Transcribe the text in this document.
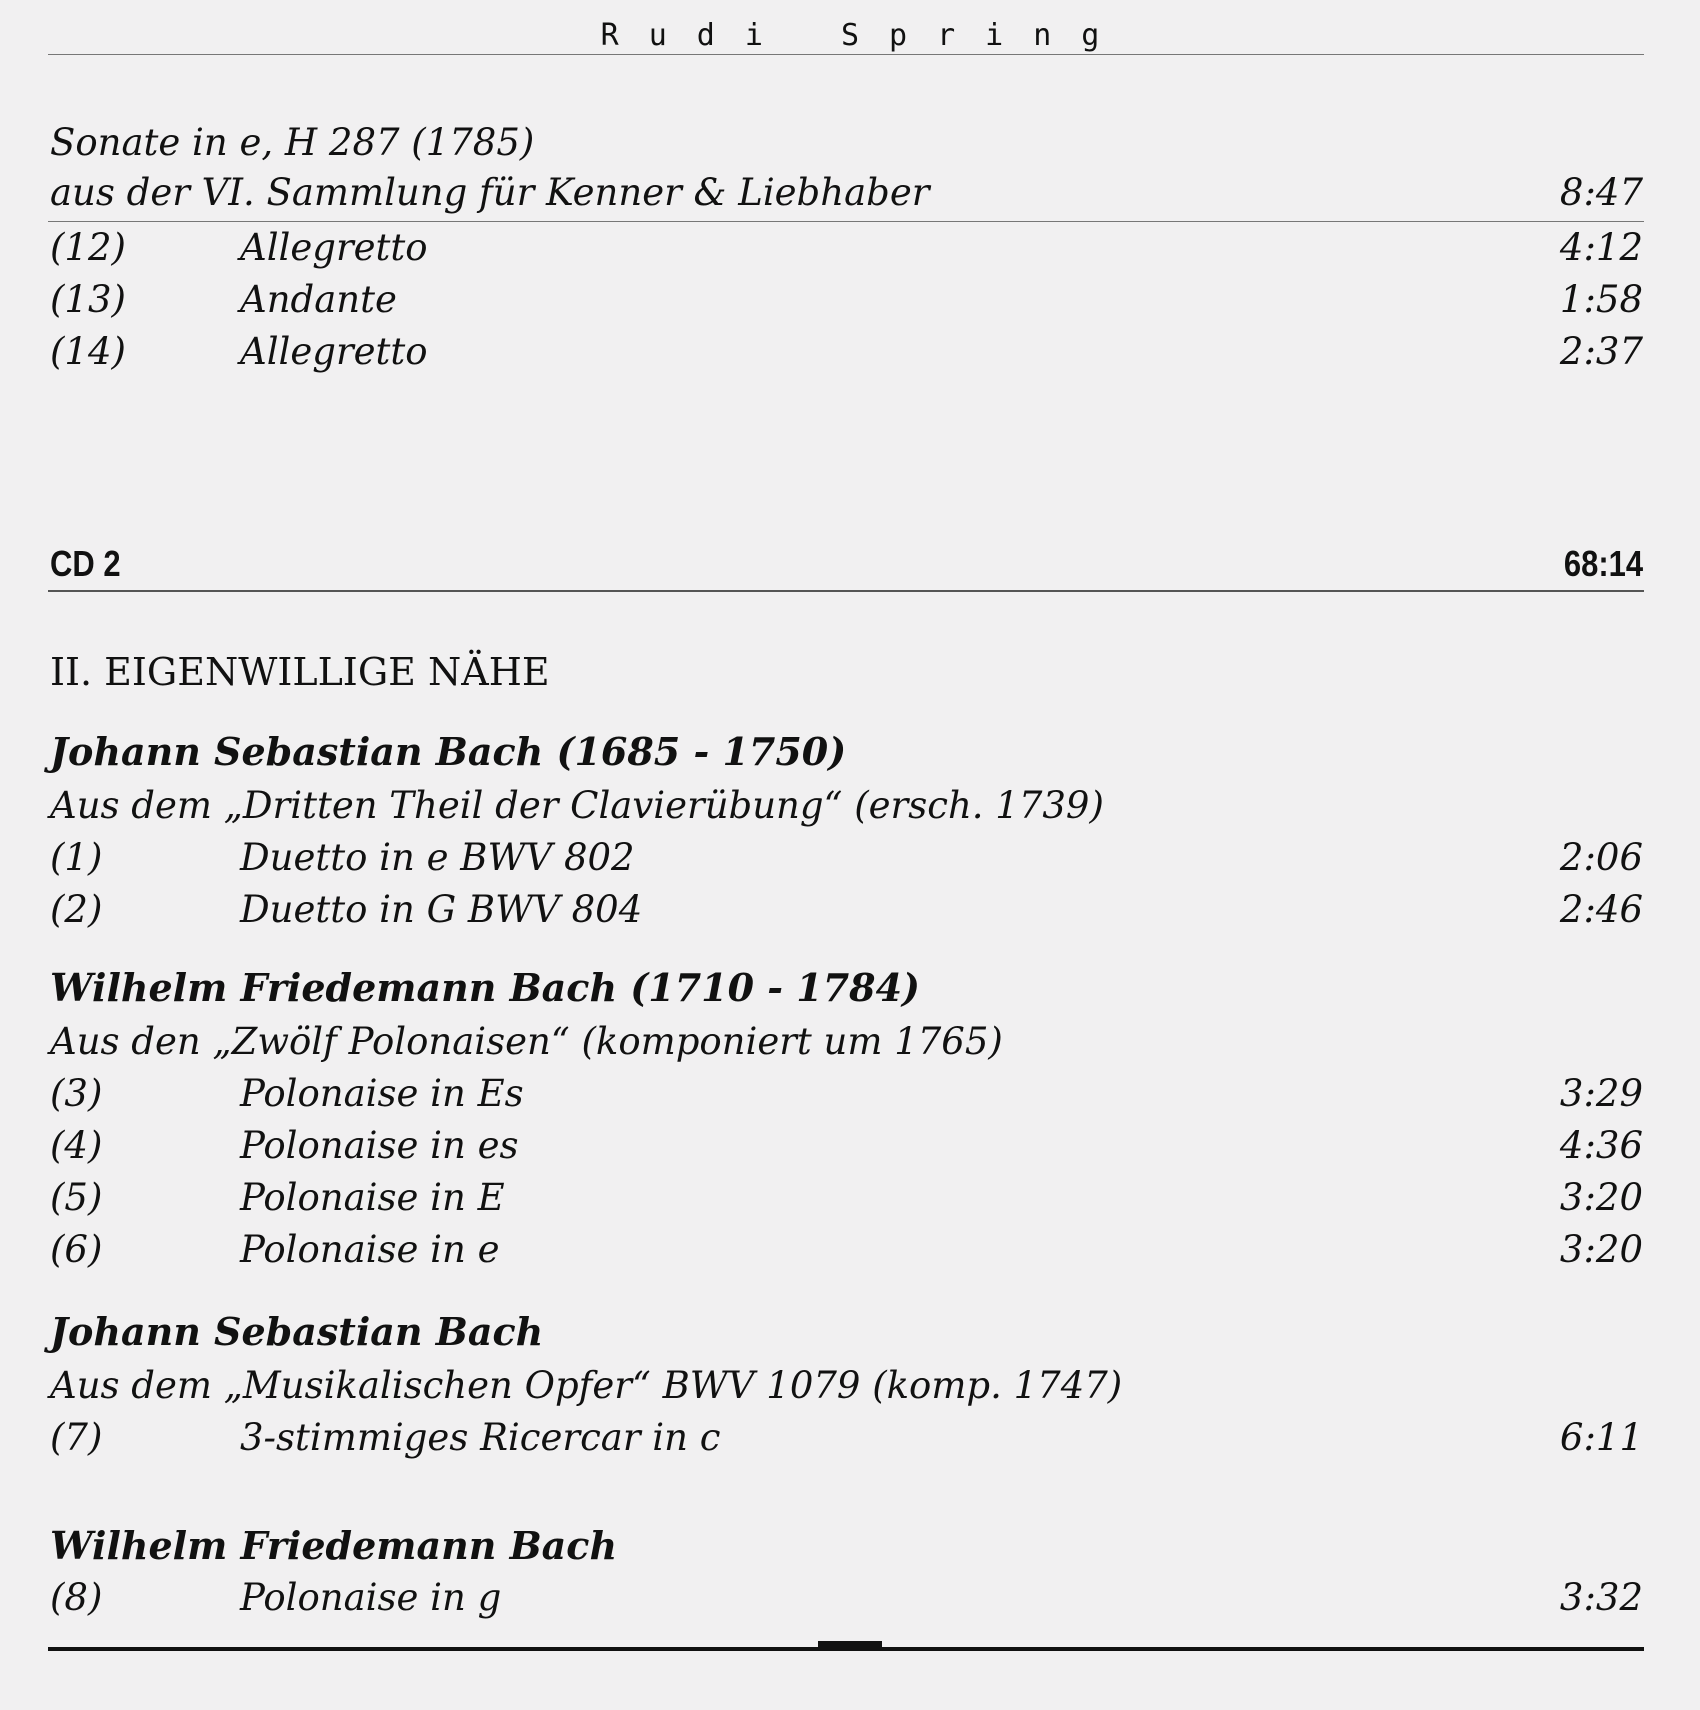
Rudi Spring
Sonate in e, H 287 (1785)
aus der VI. Sammlung für Kenner & Liebhaber	8:47
(12)	Allegretto	4:12
(13)	Andante	1:58
(14)	Allegretto	2:37
CD 2	68:14
II. EIGENWILLIGE NÄHE
Johann Sebastian Bach (1685 - 1750)
Aus dem „Dritten Theil der Clavierübung“ (ersch. 1739)
(1)	Duetto in e BWV 802	2:06
(2)	Duetto in G BWV 804	2:46
Wilhelm Friedemann Bach (1710 - 1784)
Aus den „Zwölf Polonaisen“ (komponiert um 1765)
(3)	Polonaise in Es	3:29
(4)	Polonaise in es	4:36
(5)	Polonaise in E	3:20
(6)	Polonaise in e	3:20
Johann Sebastian Bach
Aus dem „Musikalischen Opfer“ BWV 1079 (komp. 1747)
(7)	3-stimmiges Ricercar in c	6:11
Wilhelm Friedemann Bach
(8)	Polonaise in g	3:32
